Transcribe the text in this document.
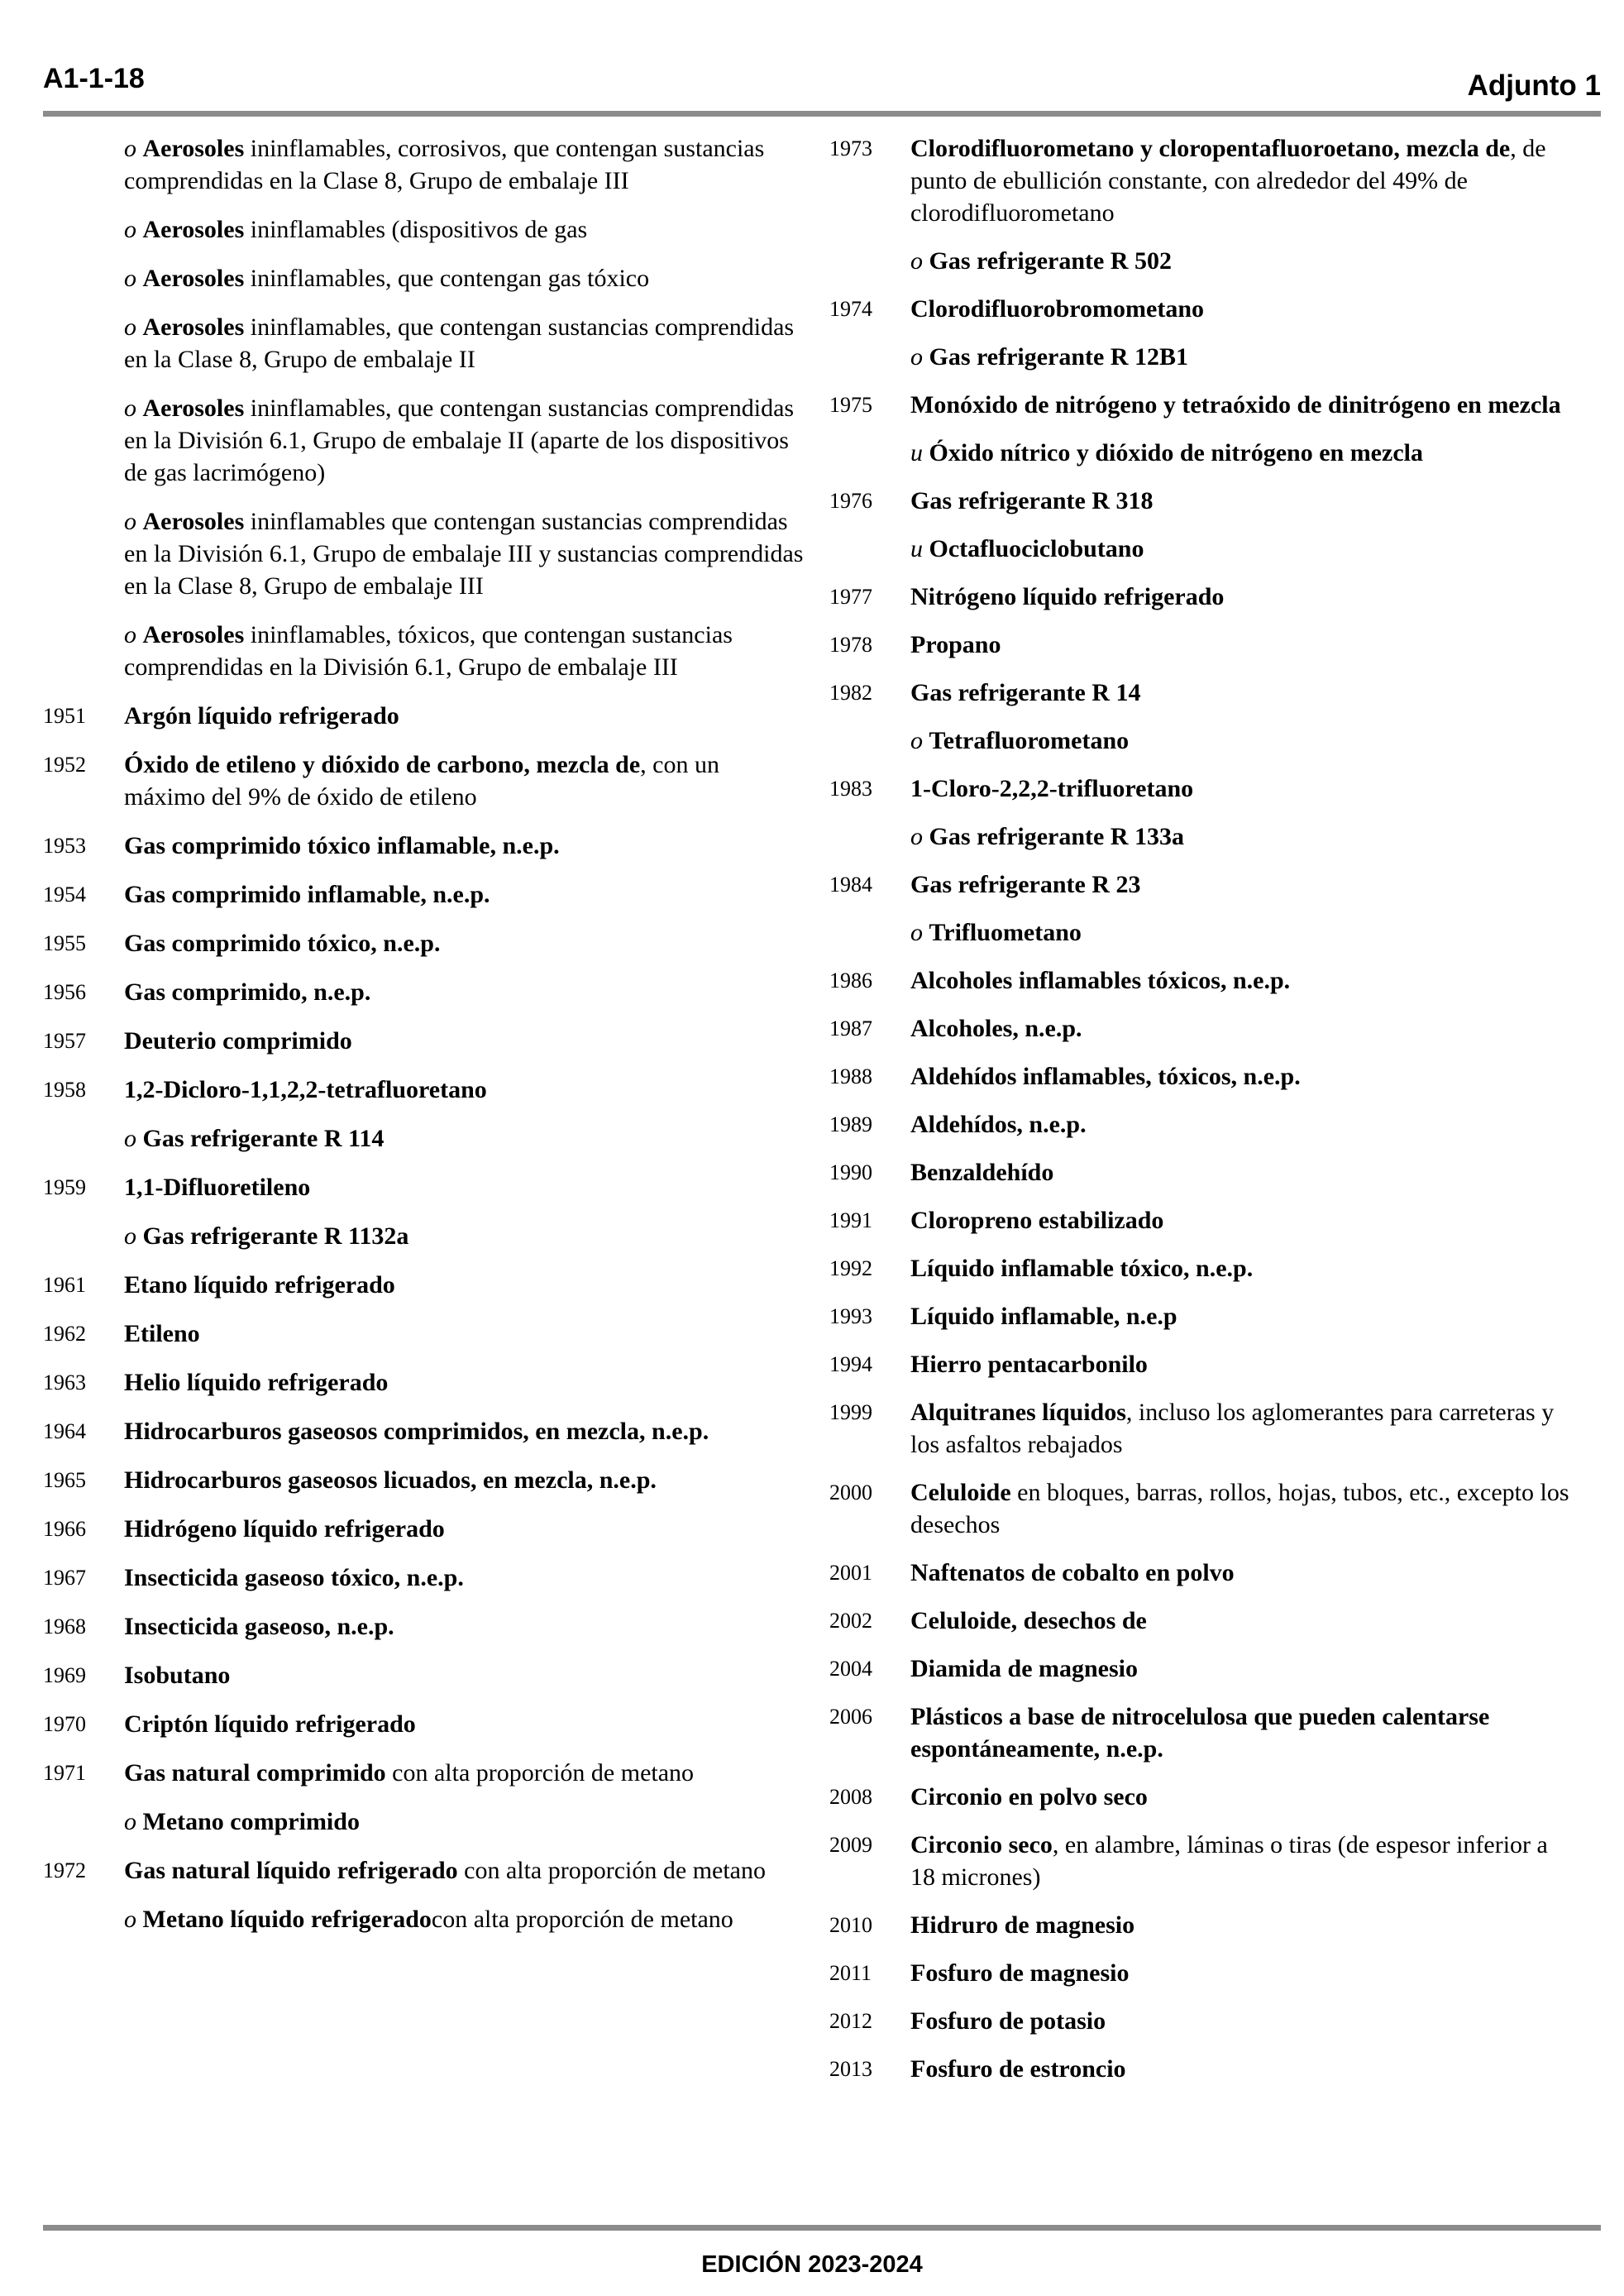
A1-1-18	Adjunto 1
o Aerosoles ininflamables, corrosivos, que contengan sustancias comprendidas en la Clase 8, Grupo de embalaje III
o Aerosoles ininflamables (dispositivos de gas
o Aerosoles ininflamables, que contengan gas tóxico
o Aerosoles ininflamables, que contengan sustancias comprendidas en la Clase 8, Grupo de embalaje II
o Aerosoles ininflamables, que contengan sustancias comprendidas en la División 6.1, Grupo de embalaje II (aparte de los dispositivos de gas lacrimógeno)
o Aerosoles ininflamables que contengan sustancias comprendidas en la División 6.1, Grupo de embalaje III y sustancias comprendidas en la Clase 8, Grupo de embalaje III
o Aerosoles ininflamables, tóxicos, que contengan sustancias comprendidas en la División 6.1, Grupo de embalaje III
1951	Argón líquido refrigerado
1952	Óxido de etileno y dióxido de carbono, mezcla de, con un máximo del 9% de óxido de etileno
1953	Gas comprimido tóxico inflamable, n.e.p.
1954	Gas comprimido inflamable, n.e.p.
1955	Gas comprimido tóxico, n.e.p.
1956	Gas comprimido, n.e.p.
1957	Deuterio comprimido
1958	1,2-Dicloro-1,1,2,2-tetrafluoretano
o Gas refrigerante R 114
1959	1,1-Difluoretileno
o Gas refrigerante R 1132a
1961	Etano líquido refrigerado
1962	Etileno
1963	Helio líquido refrigerado
1964	Hidrocarburos gaseosos comprimidos, en mezcla, n.e.p.
1965	Hidrocarburos gaseosos licuados, en mezcla, n.e.p.
1966	Hidrógeno líquido refrigerado
1967	Insecticida gaseoso tóxico, n.e.p.
1968	Insecticida gaseoso, n.e.p.
1969	Isobutano
1970	Criptón líquido refrigerado
1971	Gas natural comprimido con alta proporción de metano
o Metano comprimido
1972	Gas natural líquido refrigerado con alta proporción de metano
o Metano líquido refrigeradocon alta proporción de metano
1973	Clorodifluorometano y cloropentafluoroetano, mezcla de, de punto de ebullición constante, con alrededor del 49% de clorodifluorometano
o Gas refrigerante R 502
1974	Clorodifluorobromometano
o Gas refrigerante R 12B1
1975	Monóxido de nitrógeno y tetraóxido de dinitrógeno en mezcla
u Óxido nítrico y dióxido de nitrógeno en mezcla
1976	Gas refrigerante R 318
u Octafluociclobutano
1977	Nitrógeno líquido refrigerado
1978	Propano
1982	Gas refrigerante R 14
o Tetrafluorometano
1983	1-Cloro-2,2,2-trifluoretano
o Gas refrigerante R 133a
1984	Gas refrigerante R 23
o Trifluometano
1986	Alcoholes inflamables tóxicos, n.e.p.
1987	Alcoholes, n.e.p.
1988	Aldehídos inflamables, tóxicos, n.e.p.
1989	Aldehídos, n.e.p.
1990	Benzaldehído
1991	Cloropreno estabilizado
1992	Líquido inflamable tóxico, n.e.p.
1993	Líquido inflamable, n.e.p
1994	Hierro pentacarbonilo
1999	Alquitranes líquidos, incluso los aglomerantes para carreteras y los asfaltos rebajados
2000	Celuloide en bloques, barras, rollos, hojas, tubos, etc., excepto los desechos
2001	Naftenatos de cobalto en polvo
2002	Celuloide, desechos de
2004	Diamida de magnesio
2006	Plásticos a base de nitrocelulosa que pueden calentarse espontáneamente, n.e.p.
2008	Circonio en polvo seco
2009	Circonio seco, en alambre, láminas o tiras (de espesor inferior a 18 micrones)
2010	Hidruro de magnesio
2011	Fosfuro de magnesio
2012	Fosfuro de potasio
2013	Fosfuro de estroncio
EDICIÓN 2023-2024
